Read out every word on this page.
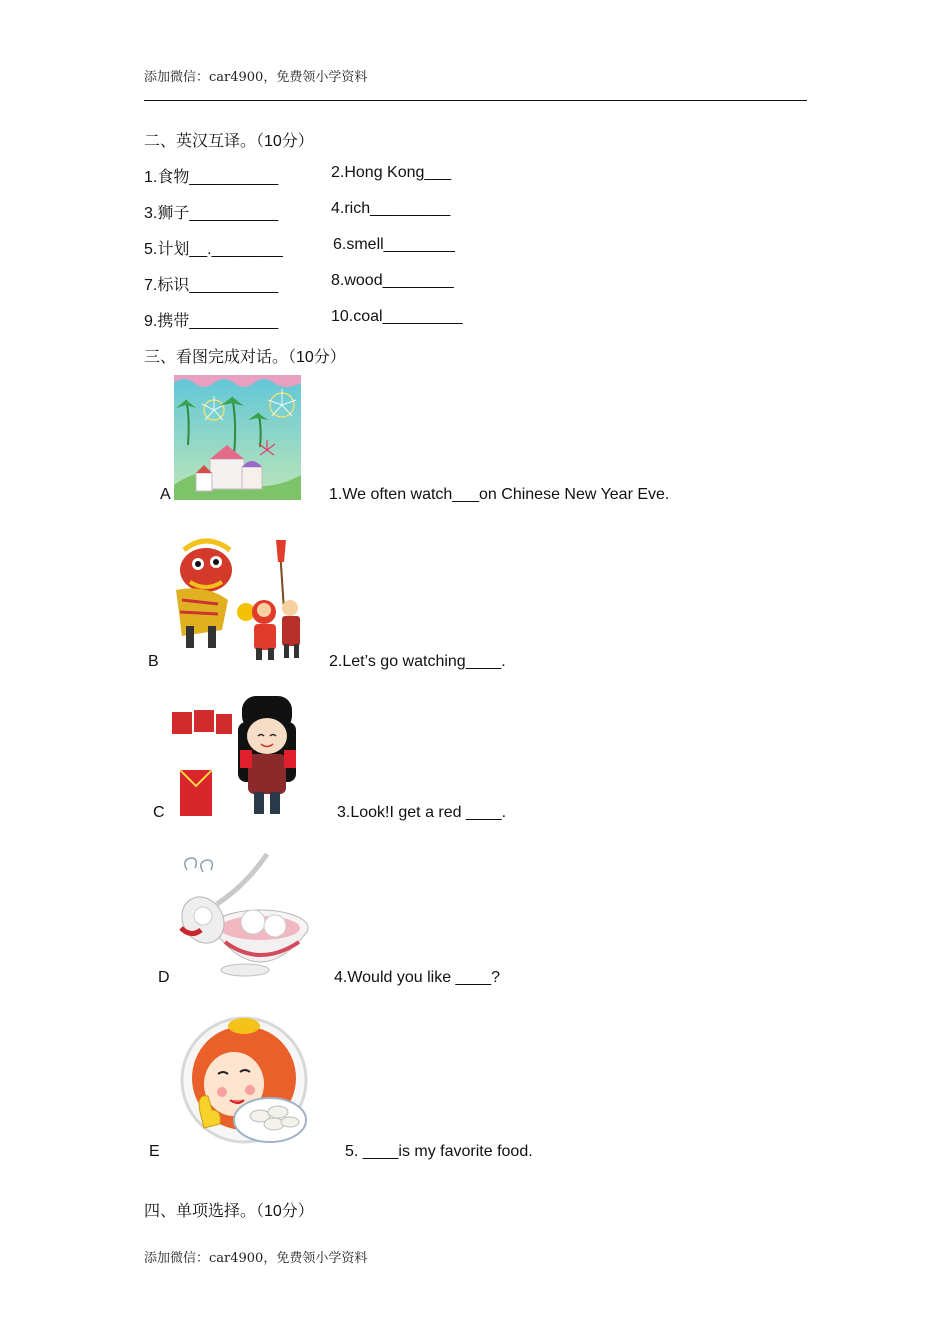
添加微信：car4900，免费领小学资料
二、英汉互译。（10分）
1.食物__________	2.Hong Kong___
3.狮子__________	4.rich_________
5.计划__.________	6.smell________
7.标识__________	8.wood________
9.携带__________	10.coal_________
三、看图完成对话。（10分）
A	1.We often watch___on Chinese New Year Eve.
B	2.Let’s go watching____.
C	3.Look!I get a red ____.
D	4.Would you like ____?
E	5. ____is my favorite food.
四、单项选择。（10分）
添加微信：car4900，免费领小学资料
